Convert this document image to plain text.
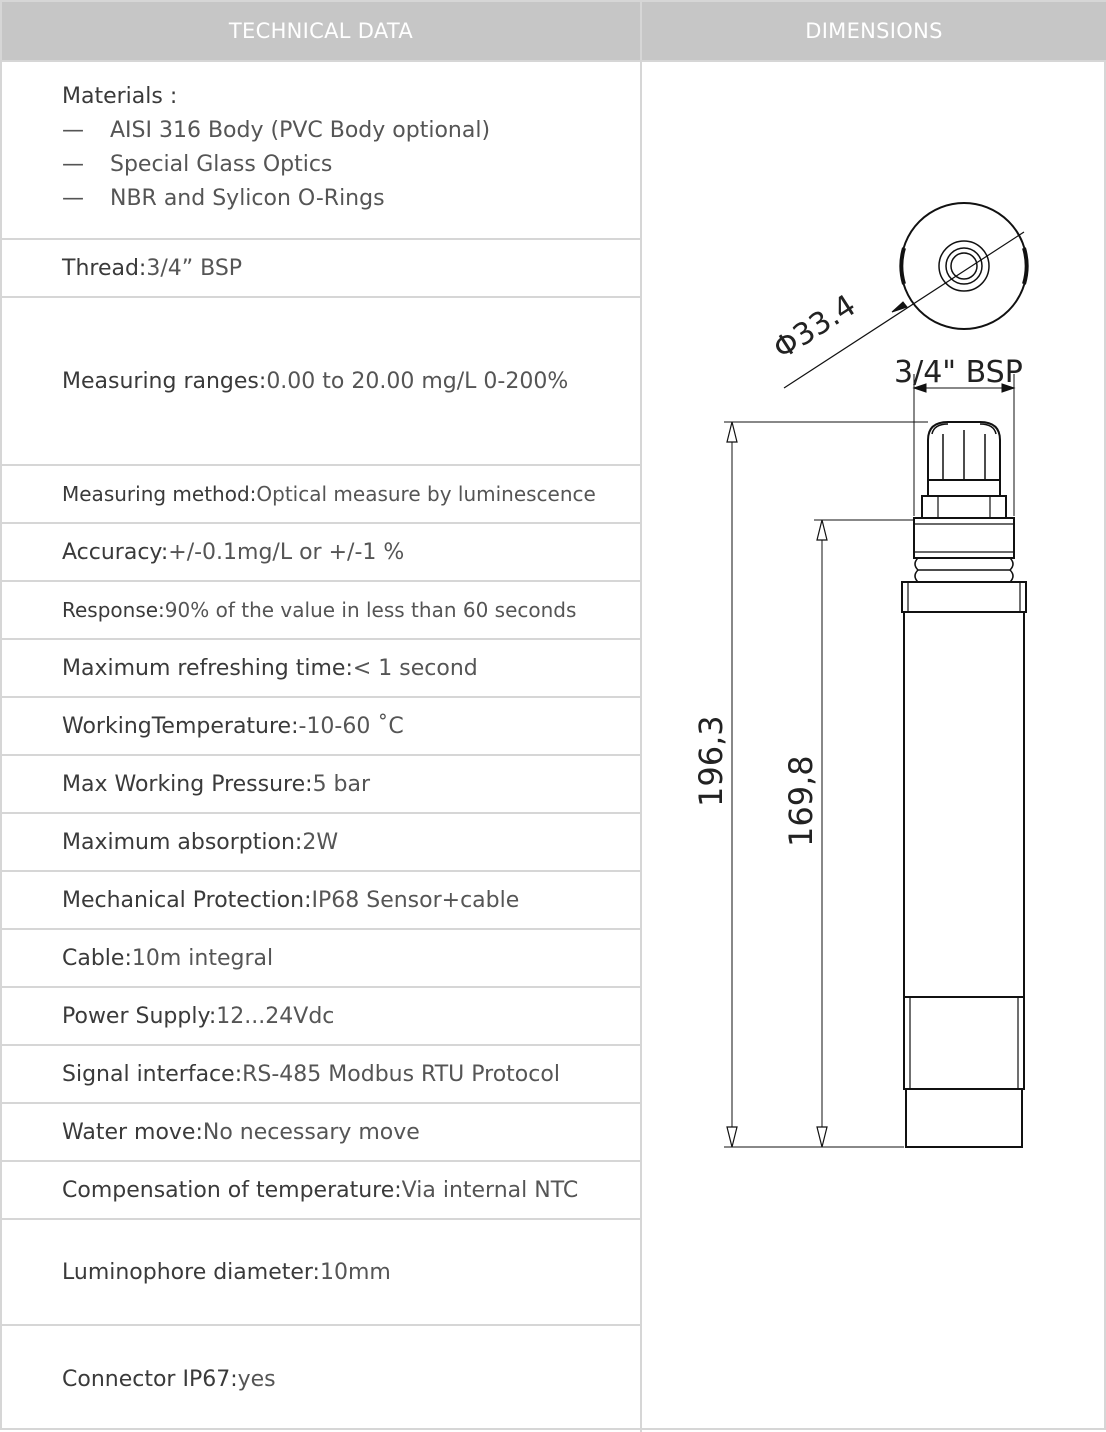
TECHNICAL DATA	DIMENSIONS
Materials :
—	AISI 316 Body (PVC Body optional)
—	Special Glass Optics
—	NBR and Sylicon O-Rings
Thread: 3/4” BSP
Measuring ranges: 0.00 to 20.00 mg/L 0-200%
Measuring method: Optical measure by luminescence
Accuracy: +/-0.1mg/L or +/-1 %
Response: 90% of the value in less than 60 seconds
Maximum refreshing time: < 1 second
WorkingTemperature: -10-60 ˚C
Max Working Pressure: 5 bar
Maximum absorption: 2W
Mechanical Protection: IP68 Sensor+cable
Cable: 10m integral
Power Supply: 12...24Vdc
Signal interface: RS-485 Modbus RTU Protocol
Water move: No necessary move
Compensation of temperature: Via internal NTC
Luminophore diameter: 10mm
Connector IP67: yes
Φ33.4
3/4" BSP
196,3 169,8
